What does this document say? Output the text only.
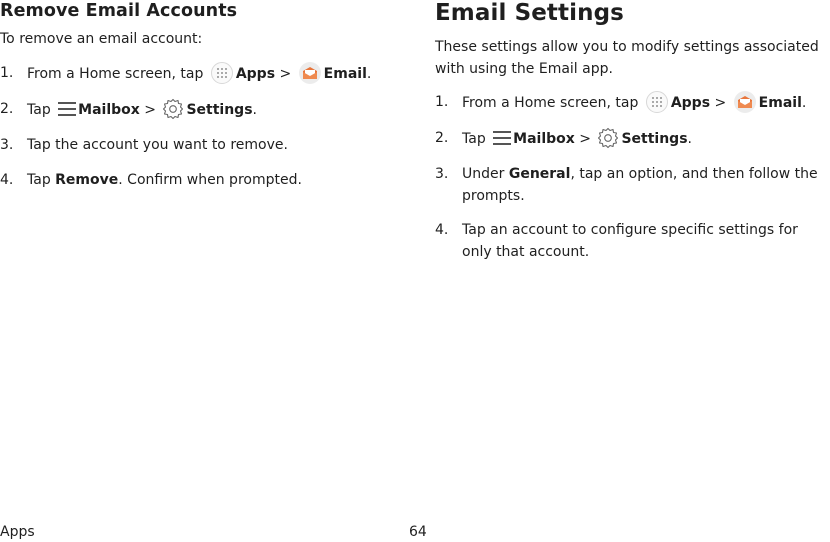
Remove Email Accounts

To remove an email account:

1. From a Home screen, tap
Apps >
Email.
2. Tap Mailbox > Settings.
3. Tap the account you want to remove.
4. Tap Remove. Confirm when prompted.
Email Settings

These settings allow you to modify settings associated with using the Email app.

1. From a Home screen, tap
Apps >
Email.
2. Tap Mailbox > Settings.
3. Under General, tap an option, and then follow the prompts.
4. Tap an account to configure specific settings for only that account.
Apps	64
